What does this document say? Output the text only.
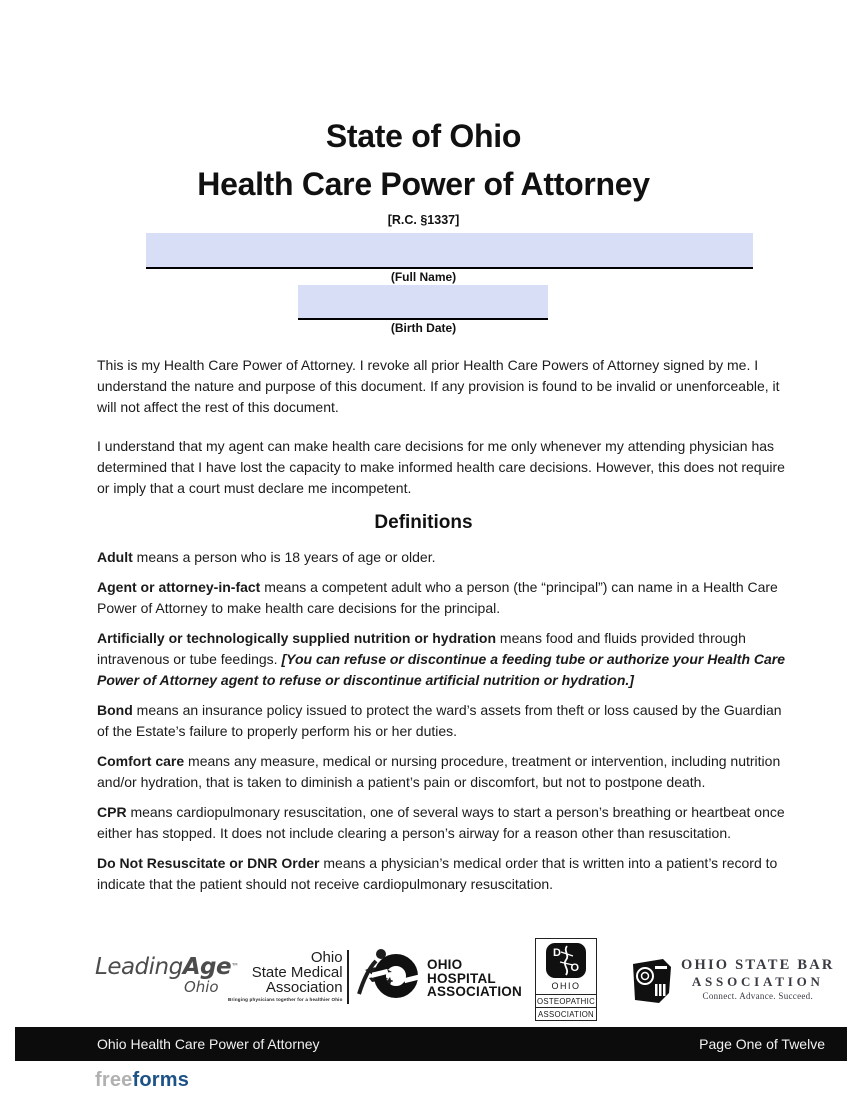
State of Ohio
Health Care Power of Attorney
[R.C. §1337]
(Full Name)
(Birth Date)

This is my Health Care Power of Attorney. I revoke all prior Health Care Powers of Attorney signed by me. I understand the nature and purpose of this document. If any provision is found to be invalid or unenforceable, it will not affect the rest of this document.

I understand that my agent can make health care decisions for me only whenever my attending physician has determined that I have lost the capacity to make informed health care decisions. However, this does not require or imply that a court must declare me incompetent.

Definitions

Adult means a person who is 18 years of age or older.

Agent or attorney-in-fact means a competent adult who a person (the “principal”) can name in a Health Care Power of Attorney to make health care decisions for the principal.

Artificially or technologically supplied nutrition or hydration means food and fluids provided through intravenous or tube feedings. [You can refuse or discontinue a feeding tube or authorize your Health Care Power of Attorney agent to refuse or discontinue artificial nutrition or hydration.]

Bond means an insurance policy issued to protect the ward’s assets from theft or loss caused by the Guardian of the Estate’s failure to properly perform his or her duties.

Comfort care means any measure, medical or nursing procedure, treatment or intervention, including nutrition and/or hydration, that is taken to diminish a patient’s pain or discomfort, but not to postpone death.

CPR means cardiopulmonary resuscitation, one of several ways to start a person’s breathing or heartbeat once either has stopped. It does not include clearing a person’s airway for a reason other than resuscitation.

Do Not Resuscitate or DNR Order means a physician’s medical order that is written into a patient’s record to indicate that the patient should not receive cardiopulmonary resuscitation.

LeadingAge™
Ohio
Ohio
State Medical
Association
Bringing physicians together for a healthier Ohio
OHIO
HOSPITAL
ASSOCIATION
D
O
OHIO
OSTEOPATHIC
ASSOCIATION
OHIO STATE BAR
ASSOCIATION
Connect. Advance. Succeed.
Ohio Health Care Power of Attorney	Page One of Twelve
freeforms
